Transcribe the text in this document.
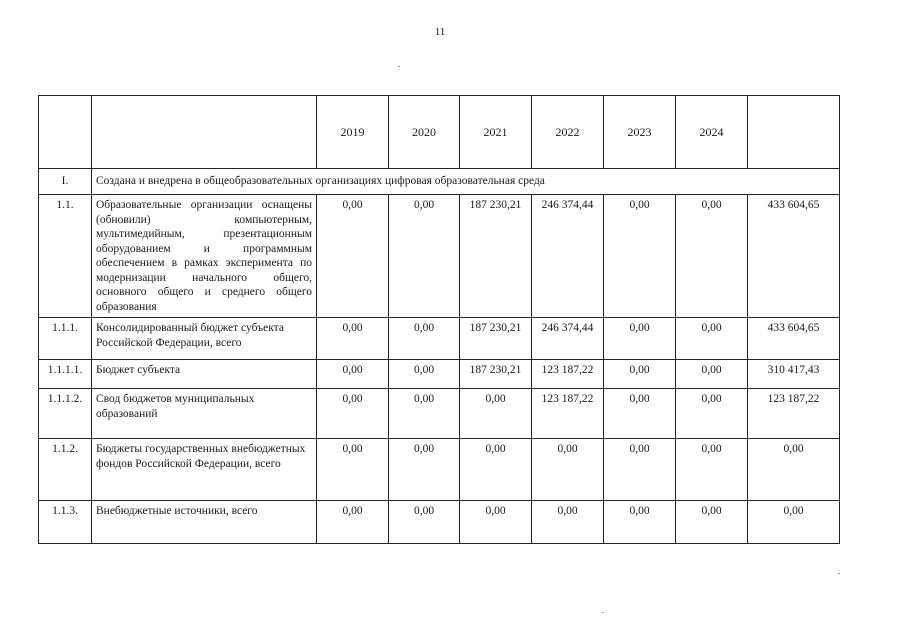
11
		2019	2020	2021	2022	2023	2024	
I.	Создана и внедрена в общеобразовательных организациях цифровая образовательная среда							
1.1.	Образовательные организации оснащены (обновили) компьютерным, мультимедийным, презентационным оборудованием и программным обеспечением в рамках эксперимента по модернизации начального общего, основного общего и среднего общего образования	0,00	0,00	187 230,21	246 374,44	0,00	0,00	433 604,65
1.1.1.	Консолидированный бюджет субъекта Российской Федерации, всего	0,00	0,00	187 230,21	246 374,44	0,00	0,00	433 604,65
1.1.1.1.	Бюджет субъекта	0,00	0,00	187 230,21	123 187,22	0,00	0,00	310 417,43
1.1.1.2.	Свод бюджетов муниципальных образований	0,00	0,00	0,00	123 187,22	0,00	0,00	123 187,22
1.1.2.	Бюджеты государственных внебюджетных фондов Российской Федерации, всего	0,00	0,00	0,00	0,00	0,00	0,00	0,00
1.1.3.	Внебюджетные источники, всего	0,00	0,00	0,00	0,00	0,00	0,00	0,00
